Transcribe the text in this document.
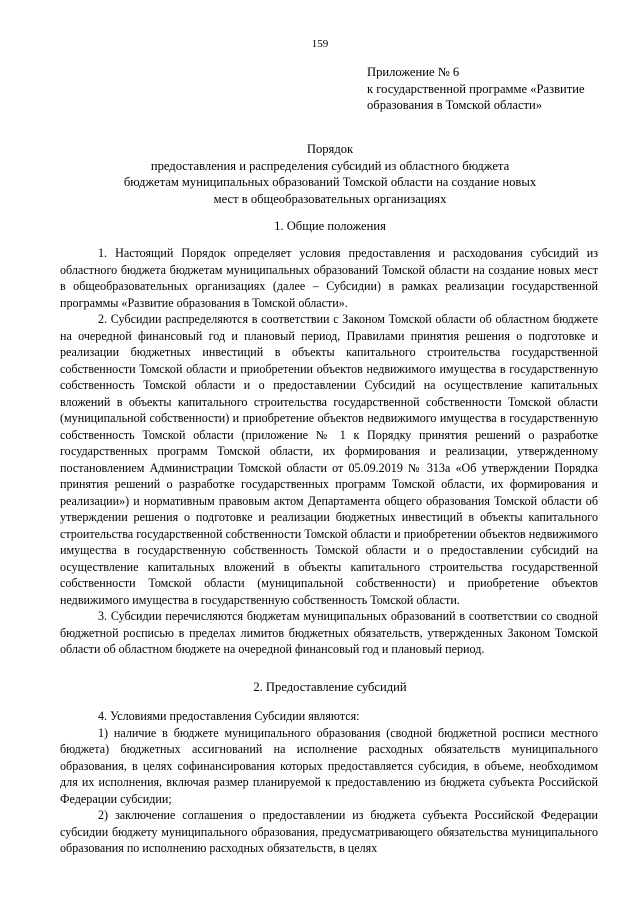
159
Приложение № 6
к государственной программе «Развитие
образования в Томской области»
Порядок
предоставления и распределения субсидий из областного бюджета
бюджетам муниципальных образований Томской области на создание новых
мест в общеобразовательных организациях
1. Общие положения

1. Настоящий Порядок определяет условия предоставления и расходования субсидий из областного бюджета бюджетам муниципальных образований Томской области на создание новых мест в общеобразовательных организациях (далее – Субсидии) в рамках реализации государственной программы «Развитие образования в Томской области».

2. Субсидии распределяются в соответствии с Законом Томской области об областном бюджете на очередной финансовый год и плановый период, Правилами принятия решения о подготовке и реализации бюджетных инвестиций в объекты капитального строительства государственной собственности Томской области и приобретении объектов недвижимого имущества в государственную собственность Томской области и о предоставлении Субсидий на осуществление капитальных вложений в объекты капитального строительства государственной собственности Томской области (муниципальной собственности) и приобретение объектов недвижимого имущества в государственную собственность Томской области (приложение № 1 к Порядку принятия решений о разработке государственных программ Томской области, их формирования и реализации, утвержденному постановлением Администрации Томской области от 05.09.2019 № 313а «Об утверждении Порядка принятия решений о разработке государственных программ Томской области, их формирования и реализации») и нормативным правовым актом Департамента общего образования Томской области об утверждении решения о подготовке и реализации бюджетных инвестиций в объекты капитального строительства государственной собственности Томской области и приобретении объектов недвижимого имущества в государственную собственность Томской области и о предоставлении субсидий на осуществление капитальных вложений в объекты капитального строительства государственной собственности Томской области (муниципальной собственности) и приобретение объектов недвижимого имущества в государственную собственность Томской области.

3. Субсидии перечисляются бюджетам муниципальных образований в соответствии со сводной бюджетной росписью в пределах лимитов бюджетных обязательств, утвержденных Законом Томской области об областном бюджете на очередной финансовый год и плановый период.

2. Предоставление субсидий

4. Условиями предоставления Субсидии являются:

1) наличие в бюджете муниципального образования (сводной бюджетной росписи местного бюджета) бюджетных ассигнований на исполнение расходных обязательств муниципального образования, в целях софинансирования которых предоставляется субсидия, в объеме, необходимом для их исполнения, включая размер планируемой к предоставлению из бюджета субъекта Российской Федерации субсидии;

2) заключение соглашения о предоставлении из бюджета субъекта Российской Федерации субсидии бюджету муниципального образования, предусматривающего обязательства муниципального образования по исполнению расходных обязательств, в целях
